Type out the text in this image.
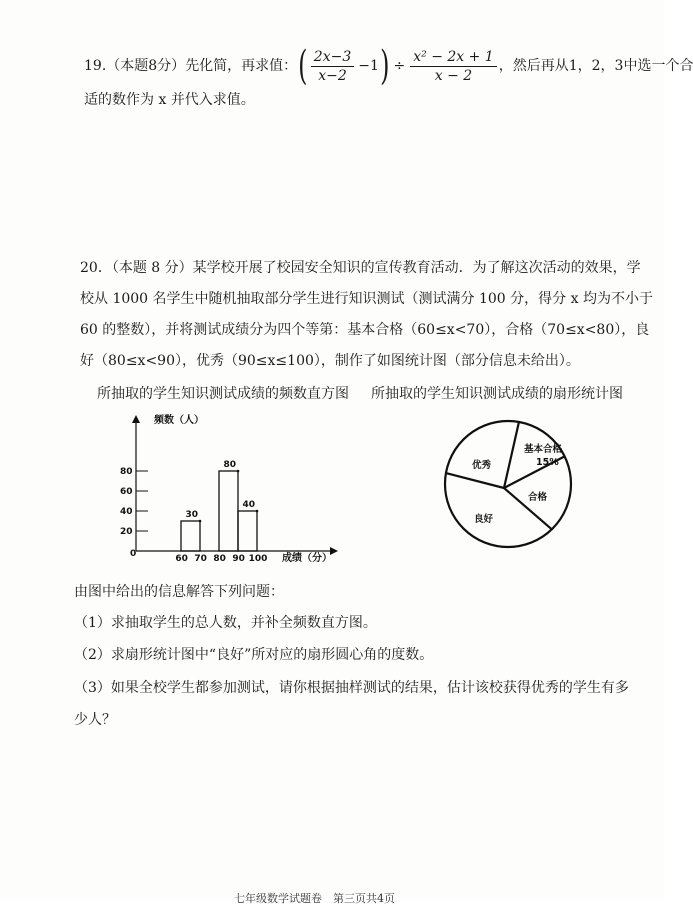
19. （本题8分） 先化简，再求值： ( $\frac{2x-3}{x-2} -1$ ) ÷ $\frac{\text{x² − 2x + 1}}{x - 2}$ ，然后再从1，2，3中选一个合
适的数作为 x 并代入求值。
20．（本题 8 分）某学校开展了校园安全知识的宣传教育活动．为了解这次活动的效果，学
校从 1000 名学生中随机抽取部分学生进行知识测试（测试满分 100 分，得分 x 均为不小于
60 的整数），并将测试成绩分为四个等第：基本合格（60≤x<70），合格（70≤x<80），良
好（80≤x<90），优秀（90≤x≤100），制作了如图统计图（部分信息未给出）。
所抽取的学生知识测试成绩的频数直方图 所抽取的学生知识测试成绩的扇形统计图
频数（人）
成绩（分）
0
20
40
60
80
60 70 80 90 100
30
80
40
基本合格
15%
合格
良好
优秀
由图中给出的信息解答下列问题：
（1）求抽取学生的总人数，并补全频数直方图。
（2）求扇形统计图中“良好”所对应的扇形圆心角的度数。
（3）如果全校学生都参加测试，请你根据抽样测试的结果，估计该校获得优秀的学生有多
少人？
七年级数学试题卷　第三页共4页
